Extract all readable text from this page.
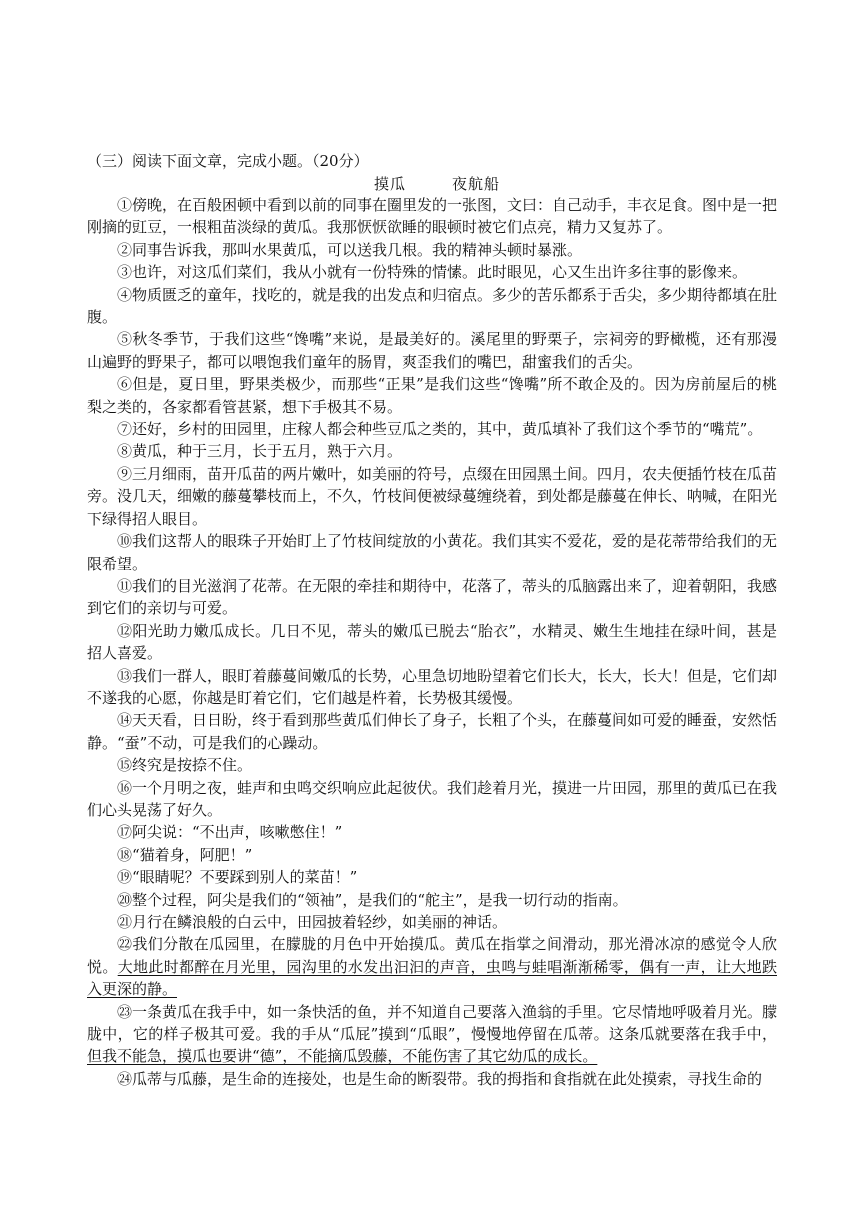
（三）阅读下面文章，完成小题。（20分）
摸瓜	夜航船

①傍晚，在百般困顿中看到以前的同事在圈里发的一张图，文曰：自己动手，丰衣足食。图中是一把刚摘的豇豆，一根粗苗淡绿的黄瓜。我那恹恹欲睡的眼顿时被它们点亮，精力又复苏了。

②同事告诉我，那叫水果黄瓜，可以送我几根。我的精神头顿时暴涨。

③也许，对这瓜们菜们，我从小就有一份特殊的情愫。此时眼见，心又生出许多往事的影像来。

④物质匮乏的童年，找吃的，就是我的出发点和归宿点。多少的苦乐都系于舌尖，多少期待都填在肚腹。

⑤秋冬季节，于我们这些“馋嘴”来说，是最美好的。溪尾里的野栗子，宗祠旁的野橄榄，还有那漫山遍野的野果子，都可以喂饱我们童年的肠胃，爽歪我们的嘴巴，甜蜜我们的舌尖。

⑥但是，夏日里，野果类极少，而那些“正果”是我们这些“馋嘴”所不敢企及的。因为房前屋后的桃梨之类的，各家都看管甚紧，想下手极其不易。

⑦还好，乡村的田园里，庄稼人都会种些豆瓜之类的，其中，黄瓜填补了我们这个季节的“嘴荒”。

⑧黄瓜，种于三月，长于五月，熟于六月。

⑨三月细雨，苗开瓜苗的两片嫩叶，如美丽的符号，点缀在田园黑土间。四月，农夫便插竹枝在瓜苗旁。没几天，细嫩的藤蔓攀枝而上，不久，竹枝间便被绿蔓缠绕着，到处都是藤蔓在伸长、呐喊，在阳光下绿得招人眼目。

⑩我们这帮人的眼珠子开始盯上了竹枝间绽放的小黄花。我们其实不爱花，爱的是花蒂带给我们的无限希望。

⑪我们的目光滋润了花蒂。在无限的牵挂和期待中，花落了，蒂头的瓜脑露出来了，迎着朝阳，我感到它们的亲切与可爱。

⑫阳光助力嫩瓜成长。几日不见，蒂头的嫩瓜已脱去“胎衣”，水精灵、嫩生生地挂在绿叶间，甚是招人喜爱。

⑬我们一群人，眼盯着藤蔓间嫩瓜的长势，心里急切地盼望着它们长大，长大，长大！但是，它们却不遂我的心愿，你越是盯着它们，它们越是杵着，长势极其缓慢。

⑭天天看，日日盼，终于看到那些黄瓜们伸长了身子，长粗了个头，在藤蔓间如可爱的睡蚕，安然恬静。“蚕”不动，可是我们的心躁动。

⑮终究是按捺不住。

⑯一个月明之夜，蛙声和虫鸣交织响应此起彼伏。我们趁着月光，摸进一片田园，那里的黄瓜已在我们心头晃荡了好久。

⑰阿尖说：“不出声，咳嗽憋住！”

⑱“猫着身，阿肥！”

⑲“眼睛呢？不要踩到别人的菜苗！”

⑳整个过程，阿尖是我们的“领袖”，是我们的“舵主”，是我一切行动的指南。

㉑月行在鳞浪般的白云中，田园披着轻纱，如美丽的神话。

㉒我们分散在瓜园里，在朦胧的月色中开始摸瓜。黄瓜在指掌之间滑动，那光滑冰凉的感觉令人欣悦。大地此时都醉在月光里，园沟里的水发出汩汩的声音，虫鸣与蛙唱渐渐稀零，偶有一声，让大地跌入更深的静。

㉓一条黄瓜在我手中，如一条快活的鱼，并不知道自己要落入渔翁的手里。它尽情地呼吸着月光。朦胧中，它的样子极其可爱。我的手从“瓜屁”摸到“瓜眼”，慢慢地停留在瓜蒂。这条瓜就要落在我手中，但我不能急，摸瓜也要讲“德”，不能摘瓜毁藤，不能伤害了其它幼瓜的成长。

㉔瓜蒂与瓜藤，是生命的连接处，也是生命的断裂带。我的拇指和食指就在此处摸索，寻找生命的
